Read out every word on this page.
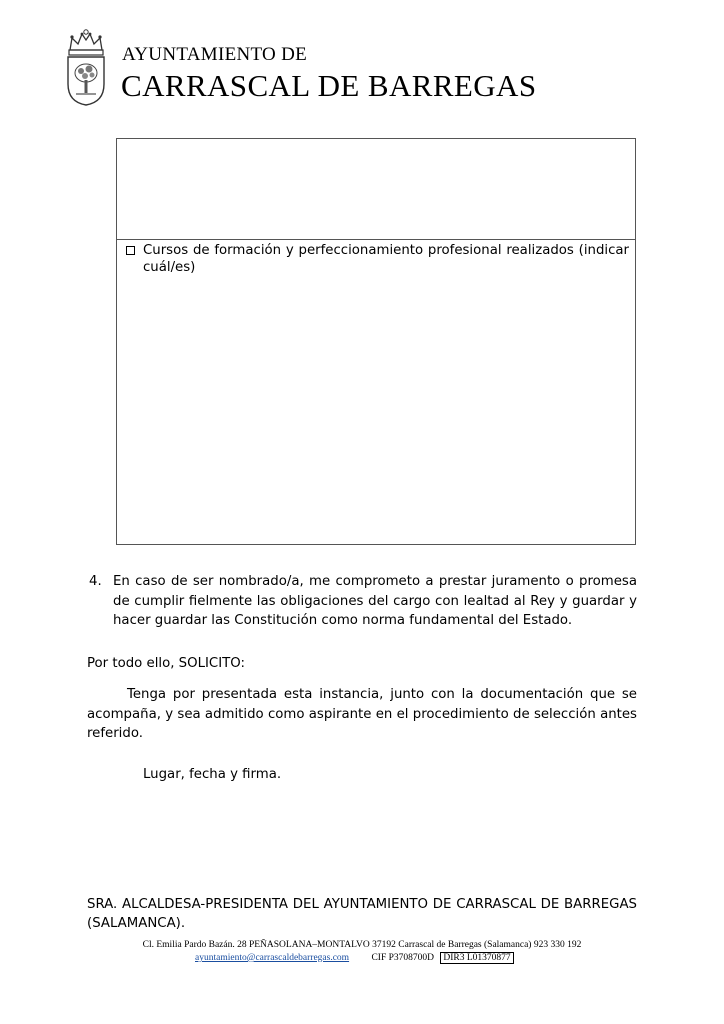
AYUNTAMIENTO DE
CARRASCAL DE BARREGAS
Cursos de formación y perfeccionamiento profesional realizados (indicar cuál/es)
4. En caso de ser nombrado/a, me comprometo a prestar juramento o promesa de cumplir fielmente las obligaciones del cargo con lealtad al Rey y guardar y hacer guardar las Constitución como norma fundamental del Estado.
Por todo ello, SOLICITO:
Tenga por presentada esta instancia, junto con la documentación que se acompaña, y sea admitido como aspirante en el procedimiento de selección antes referido.
Lugar, fecha y firma.
SRA. ALCALDESA-PRESIDENTA DEL AYUNTAMIENTO DE CARRASCAL DE BARREGAS (SALAMANCA).
Cl. Emilia Pardo Bazán. 28 PEÑASOLANA–MONTALVO 37192 Carrascal de Barregas (Salamanca) 923 330 192
ayuntamiento@carrascaldebarregas.com CIF P3708700D DIR3 L01370877
